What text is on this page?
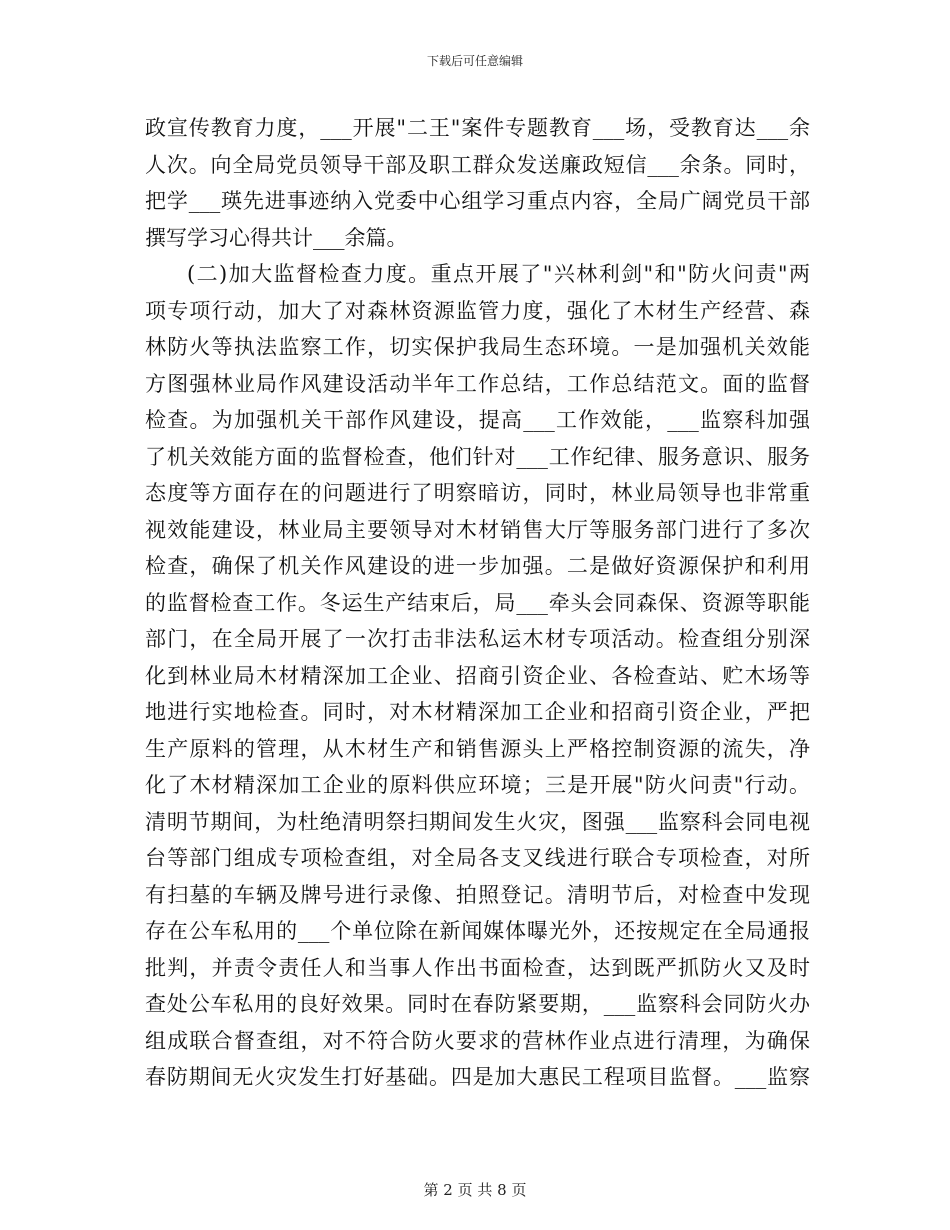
下载后可任意编辑
政宣传教育力度，___开展"二王"案件专题教育___场，受教育达___余
人次。向全局党员领导干部及职工群众发送廉政短信___余条。同时，
把学___瑛先进事迹纳入党委中心组学习重点内容，全局广阔党员干部
撰写学习心得共计___余篇。
(二)加大监督检查力度。重点开展了"兴林利剑"和"防火问责"两
项专项行动，加大了对森林资源监管力度，强化了木材生产经营、森
林防火等执法监察工作，切实保护我局生态环境。一是加强机关效能
方图强林业局作风建设活动半年工作总结，工作总结范文。面的监督
检查。为加强机关干部作风建设，提高___工作效能，___监察科加强
了机关效能方面的监督检查，他们针对___工作纪律、服务意识、服务
态度等方面存在的问题进行了明察暗访，同时，林业局领导也非常重
视效能建设，林业局主要领导对木材销售大厅等服务部门进行了多次
检查，确保了机关作风建设的进一步加强。二是做好资源保护和利用
的监督检查工作。冬运生产结束后，局___牵头会同森保、资源等职能
部门，在全局开展了一次打击非法私运木材专项活动。检查组分别深
化到林业局木材精深加工企业、招商引资企业、各检查站、贮木场等
地进行实地检查。同时，对木材精深加工企业和招商引资企业，严把
生产原料的管理，从木材生产和销售源头上严格控制资源的流失，净
化了木材精深加工企业的原料供应环境；三是开展"防火问责"行动。
清明节期间，为杜绝清明祭扫期间发生火灾，图强___监察科会同电视
台等部门组成专项检查组，对全局各支叉线进行联合专项检查，对所
有扫墓的车辆及牌号进行录像、拍照登记。清明节后，对检查中发现
存在公车私用的___个单位除在新闻媒体曝光外，还按规定在全局通报
批判，并责令责任人和当事人作出书面检查，达到既严抓防火又及时
查处公车私用的良好效果。同时在春防紧要期，___监察科会同防火办
组成联合督查组，对不符合防火要求的营林作业点进行清理，为确保
春防期间无火灾发生打好基础。四是加大惠民工程项目监督。___监察
第 2 页 共 8 页
